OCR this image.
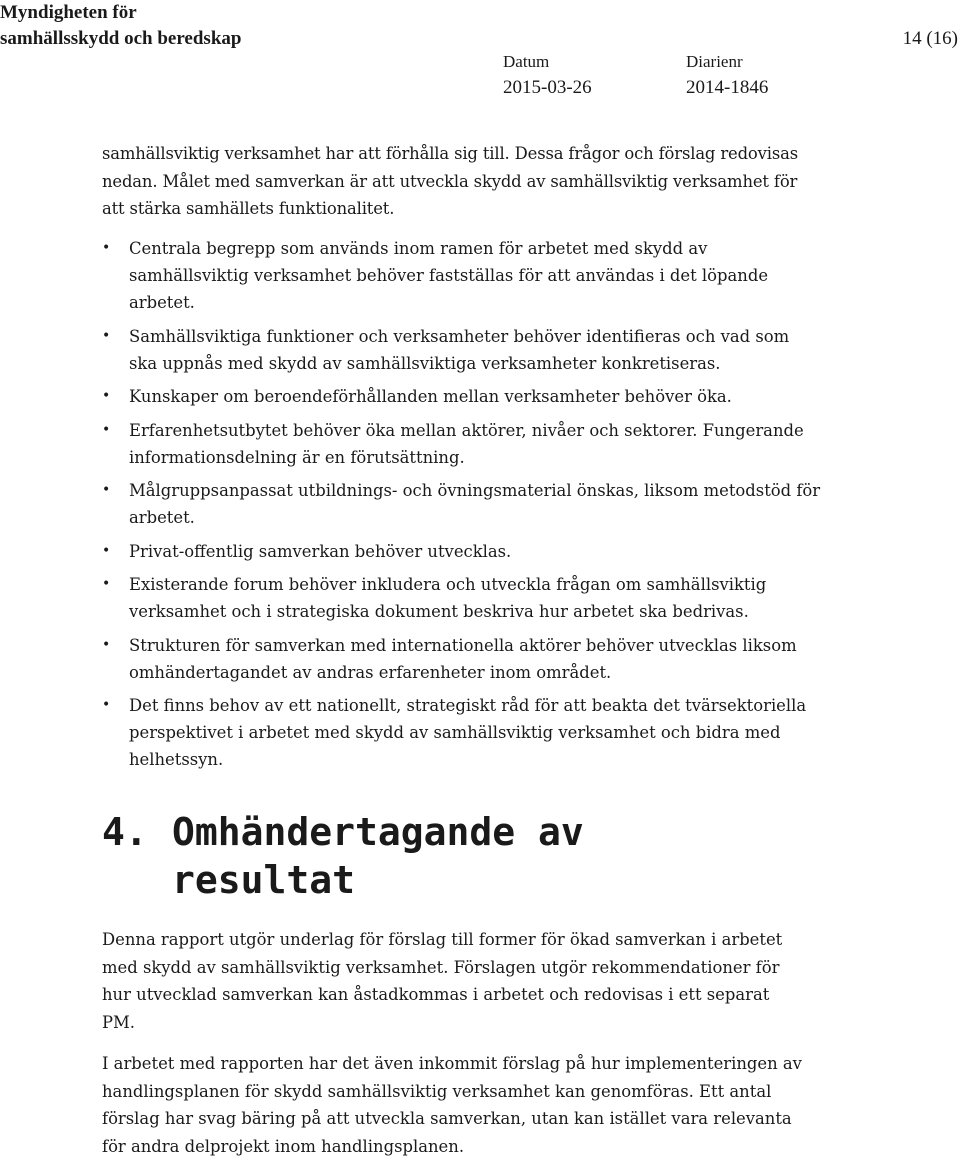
Myndigheten för
samhällsskydd och beredskap	14 (16)
Datum
2015-03-26
Diarienr
2014-1846

samhällsviktig verksamhet har att förhålla sig till. Dessa frågor och förslag redovisas nedan. Målet med samverkan är att utveckla skydd av samhällsviktig verksamhet för att stärka samhällets funktionalitet.

• Centrala begrepp som används inom ramen för arbetet med skydd av samhällsviktig verksamhet behöver fastställas för att användas i det löpande arbetet.
• Samhällsviktiga funktioner och verksamheter behöver identifieras och vad som ska uppnås med skydd av samhällsviktiga verksamheter konkretiseras.
• Kunskaper om beroendeförhållanden mellan verksamheter behöver öka.
• Erfarenhetsutbytet behöver öka mellan aktörer, nivåer och sektorer. Fungerande informationsdelning är en förutsättning.
• Målgruppsanpassat utbildnings- och övningsmaterial önskas, liksom metodstöd för arbetet.
• Privat-offentlig samverkan behöver utvecklas.
• Existerande forum behöver inkludera och utveckla frågan om samhällsviktig verksamhet och i strategiska dokument beskriva hur arbetet ska bedrivas.
• Strukturen för samverkan med internationella aktörer behöver utvecklas liksom omhändertagandet av andras erfarenheter inom området.
• Det finns behov av ett nationellt, strategiskt råd för att beakta det tvärsektoriella perspektivet i arbetet med skydd av samhällsviktig verksamhet och bidra med helhetssyn.
4. Omhändertagande av resultat

Denna rapport utgör underlag för förslag till former för ökad samverkan i arbetet med skydd av samhällsviktig verksamhet. Förslagen utgör rekommendationer för hur utvecklad samverkan kan åstadkommas i arbetet och redovisas i ett separat PM.

I arbetet med rapporten har det även inkommit förslag på hur implementeringen av handlingsplanen för skydd samhällsviktig verksamhet kan genomföras. Ett antal förslag har svag bäring på att utveckla samverkan, utan kan istället vara relevanta för andra delprojekt inom handlingsplanen.
